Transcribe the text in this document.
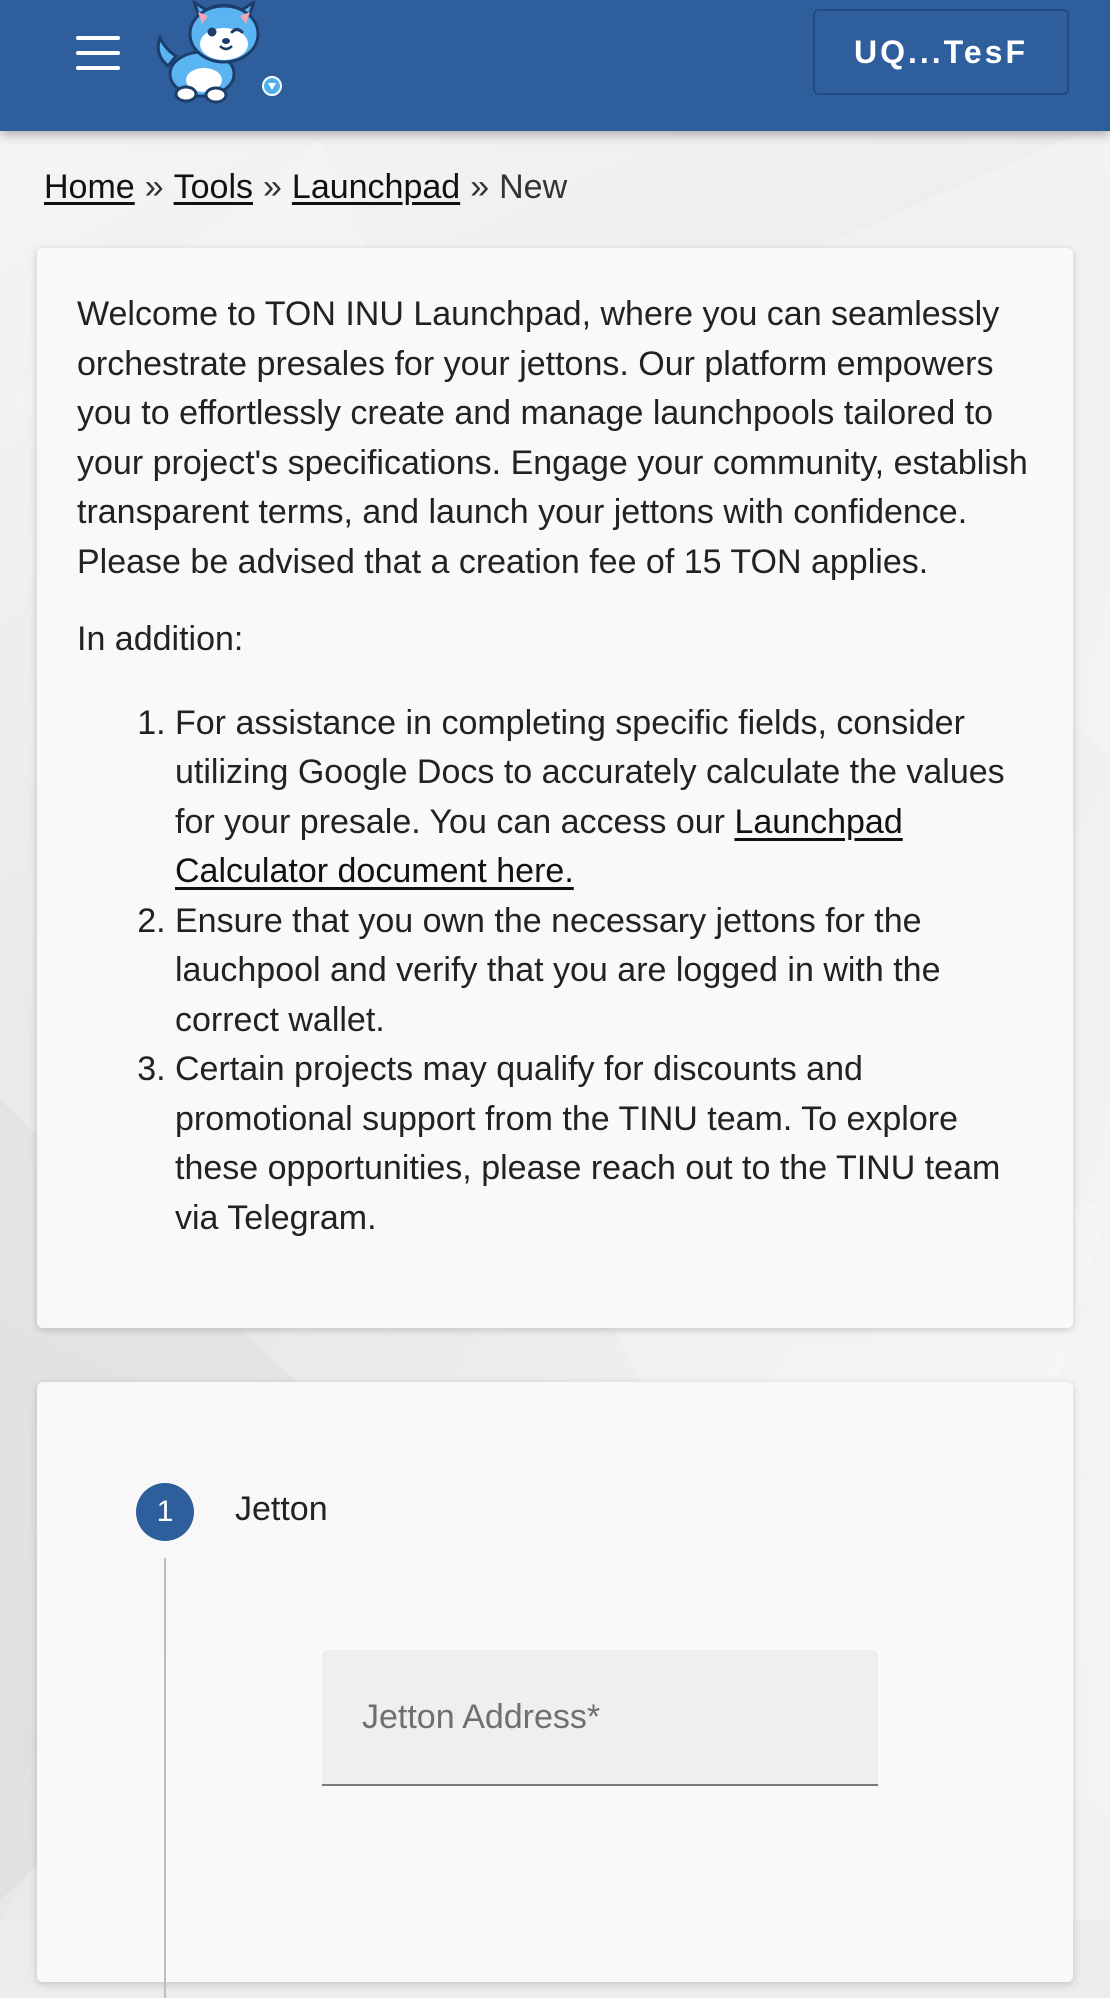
UQ...TesF
Home » Tools » Launchpad » New

Welcome to TON INU Launchpad, where you can seamlessly orchestrate presales for your jettons. Our platform empowers you to effortlessly create and manage launchpools tailored to your project's specifications. Engage your community, establish transparent terms, and launch your jettons with confidence. Please be advised that a creation fee of 15 TON applies.

In addition:

1. For assistance in completing specific fields, consider utilizing Google Docs to accurately calculate the values for your presale. You can access our Launchpad Calculator document here.
2. Ensure that you own the necessary jettons for the lauchpool and verify that you are logged in with the correct wallet.
3. Certain projects may qualify for discounts and promotional support from the TINU team. To explore these opportunities, please reach out to the TINU team via Telegram.
1	Jetton
Jetton Address*
